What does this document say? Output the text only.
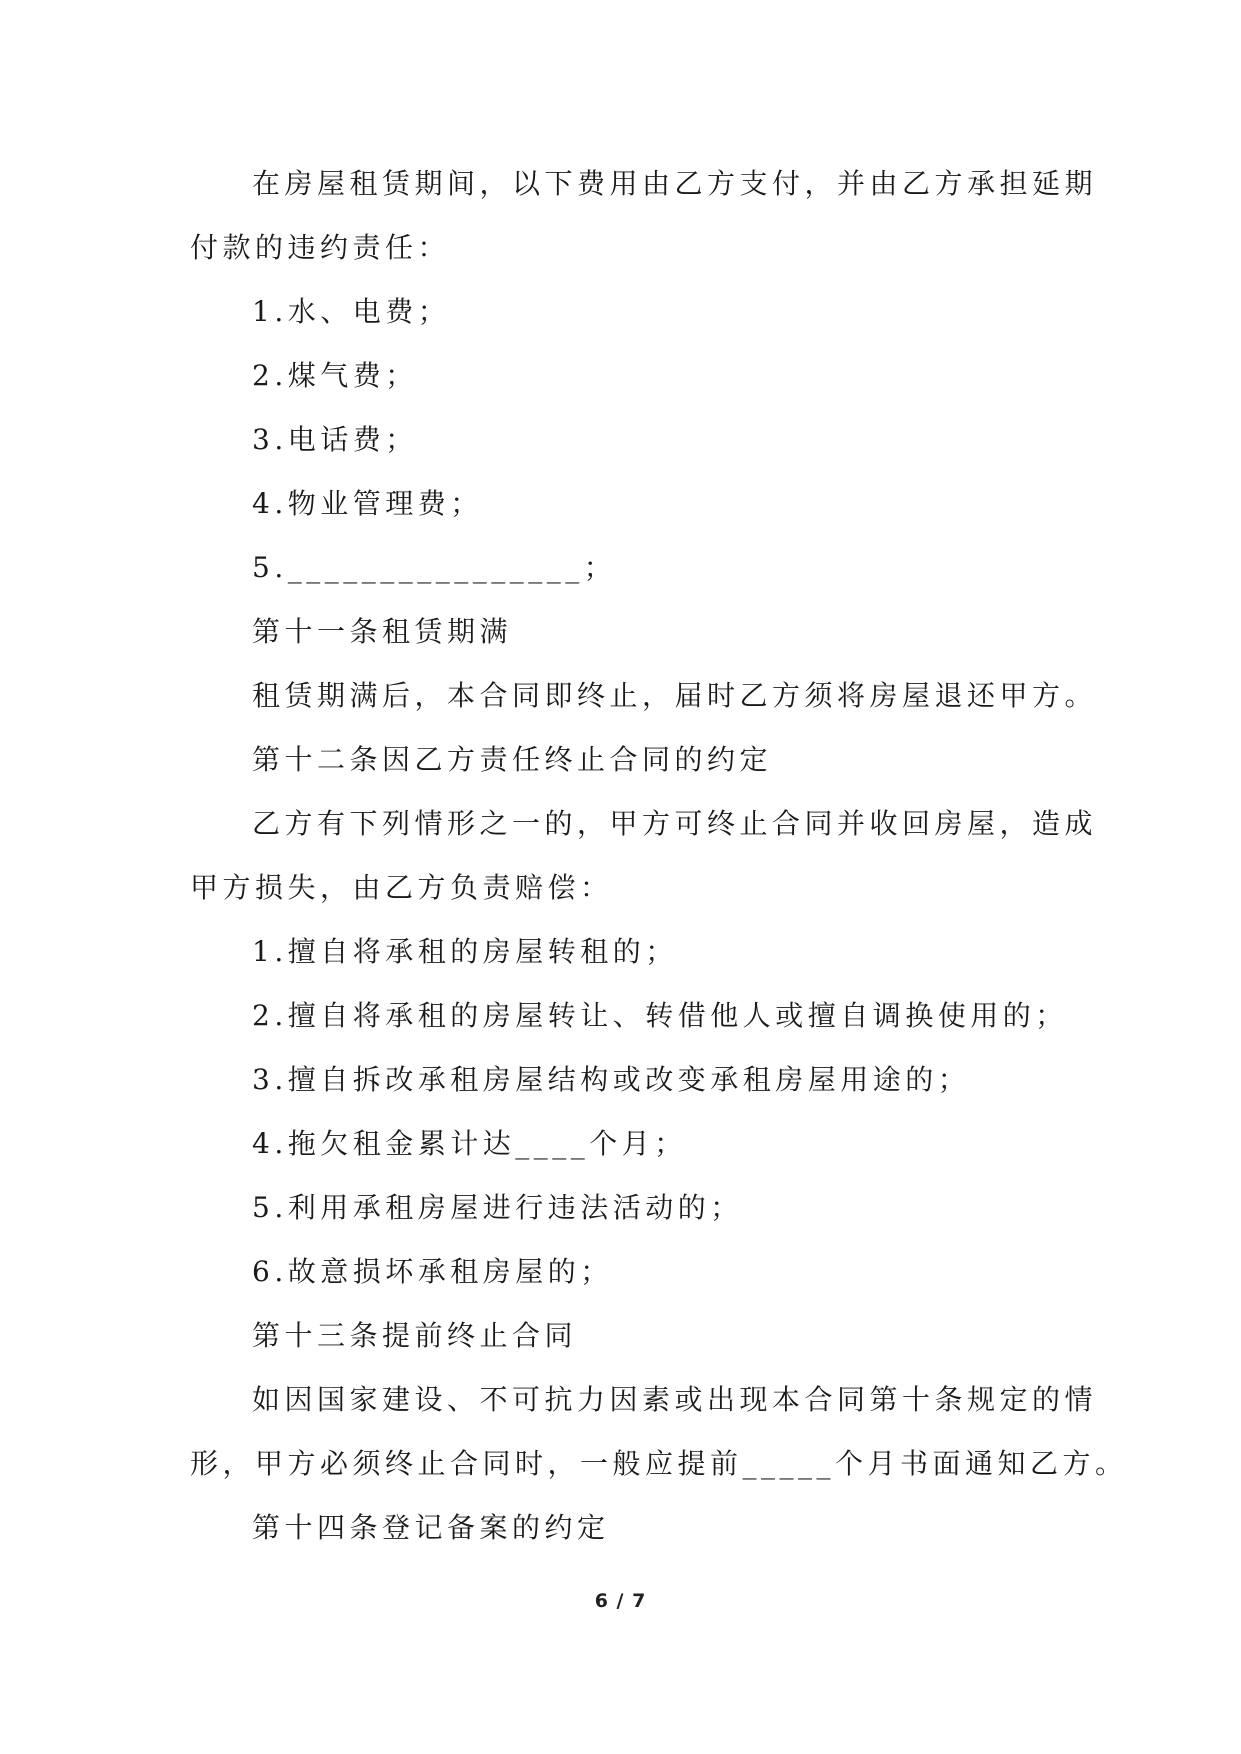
在房屋租赁期间，以下费用由乙方支付，并由乙方承担延期
付款的违约责任：
1.水、电费；
2.煤气费；
3.电话费；
4.物业管理费；
5.________________；
第十一条租赁期满
租赁期满后，本合同即终止，届时乙方须将房屋退还甲方。
第十二条因乙方责任终止合同的约定
乙方有下列情形之一的，甲方可终止合同并收回房屋，造成
甲方损失，由乙方负责赔偿：
1.擅自将承租的房屋转租的；
2.擅自将承租的房屋转让、转借他人或擅自调换使用的；
3.擅自拆改承租房屋结构或改变承租房屋用途的；
4.拖欠租金累计达____个月；
5.利用承租房屋进行违法活动的；
6.故意损坏承租房屋的；
第十三条提前终止合同
如因国家建设、不可抗力因素或出现本合同第十条规定的情
形，甲方必须终止合同时，一般应提前_____个月书面通知乙方。
第十四条登记备案的约定
6 / 7
